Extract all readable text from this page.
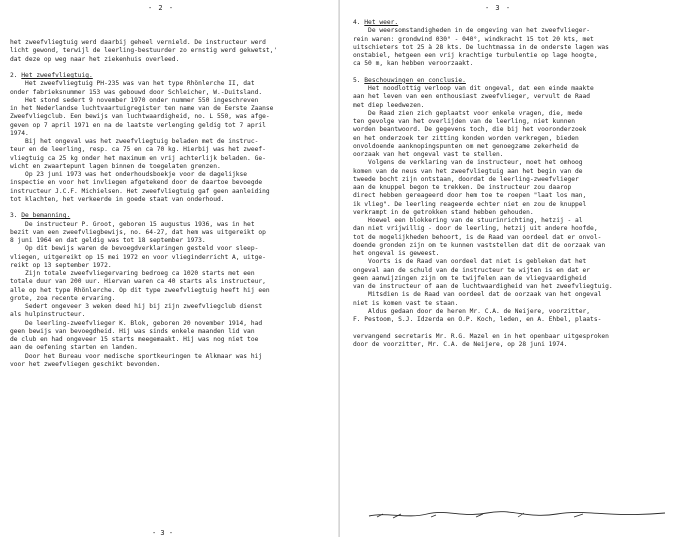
- 2 -
het zweefvliegtuig werd daarbij geheel vernield. De instructeur werd
licht gewond, terwijl de leerling-bestuurder zo ernstig werd gekwetst,'
dat deze op weg naar het ziekenhuis overleed.
2. Het zweefvliegtuig.
Het zweefvliegtuig PH-235 was van het type Rhönlerche II, dat
onder fabrieksnummer 153 was gebouwd door Schleicher, W.-Duitsland.
Het stond sedert 9 november 1970 onder nummer 550 ingeschreven
in het Nederlandse luchtvaartuigregister ten name van de Eerste Zaanse
Zweefvliegclub. Een bewijs van luchtwaardigheid, no. L 550, was afge-
geven op 7 april 1971 en na de laatste verlenging geldig tot 7 april
1974.
Bij het ongeval was het zweefvliegtuig beladen met de instruc-
teur en de leerling, resp. ca 75 en ca 70 kg. Hierbij was het zweef-
vliegtuig ca 25 kg onder het maximum en vrij achterlijk beladen. Ge-
wicht en zwaartepunt lagen binnen de toegelaten grenzen.
Op 23 juni 1973 was het onderhoudsboekje voor de dagelijkse
inspectie en voor het invliegen afgetekend door de daartoe bevoegde
instructeur J.C.F. Michielsen. Het zweefvliegtuig gaf geen aanleiding
tot klachten, het verkeerde in goede staat van onderhoud.
3. De bemanning.
De instructeur P. Groot, geboren 15 augustus 1936, was in het
bezit van een zweefvliegbewijs, no. 64-27, dat hem was uitgereikt op
8 juni 1964 en dat geldig was tot 18 september 1973.
Op dit bewijs waren de bevoegdverklaringen gesteld voor sleep-
vliegen, uitgereikt op 15 mei 1972 en voor vlieginderricht A, uitge-
reikt op 13 september 1972.
Zijn totale zweefvliegervaring bedroeg ca 1020 starts met een
totale duur van 200 uur. Hiervan waren ca 40 starts als instructeur,
alle op het type Rhönlerche. Op dit type zweefvliegtuig heeft hij een
grote, zoa recente ervaring.
Sedert ongeveer 3 weken deed hij bij zijn zweefvliegclub dienst
als hulpinstructeur.
De leerling-zweefvlieger K. Blok, geboren 20 november 1914, had
geen bewijs van bevoegdheid. Hij was sinds enkele maanden lid van
de club en had ongeveer 15 starts meegemaakt. Hij was nog niet toe
aan de oefening starten en landen.
Door het Bureau voor medische sportkeuringen te Alkmaar was hij
voor het zweefvliegen geschikt bevonden.
- 3 -
- 3 -
4. Het weer.
De weersomstandigheden in de omgeving van het zweefvlieger-
rein waren: grondwind 030° - 040°, windkracht 15 tot 20 kts, met
uitschieters tot 25 à 28 kts. De luchtmassa in de onderste lagen was
onstabiel, hetgeen een vrij krachtige turbulentie op lage hoogte,
ca 50 m, kan hebben veroorzaakt.
5. Beschouwingen en conclusie.
Het noodlottig verloop van dit ongeval, dat een einde maakte
aan het leven van een enthousiast zweefvlieger, vervult de Raad
met diep leedwezen.
De Raad zien zich geplaatst voor enkele vragen, die, mede
ten gevolge van het overlijden van de leerling, niet kunnen
worden beantwoord. De gegevens toch, die bij het vooronderzoek
en het onderzoek ter zitting konden worden verkregen, bieden
onvoldoende aanknopingspunten om met genoegzame zekerheid de
oorzaak van het ongeval vast te stellen.
Volgens de verklaring van de instructeur, moet het omhoog
komen van de neus van het zweefvliegtuig aan het begin van de
tweede bocht zijn ontstaan, doordat de leerling-zweefvlieger
aan de knuppel begon te trekken. De instructeur zou daarop
direct hebben gereageerd door hem toe te roepen "laat los man,
ik vlieg". De leerling reageerde echter niet en zou de knuppel
verkrampt in de getrokken stand hebben gehouden.
Hoewel een blokkering van de stuurinrichting, hetzij - al
dan niet vrijwillig - door de leerling, hetzij uit andere hoofde,
tot de mogelijkheden behoort, is de Raad van oordeel dat er onvol-
doende gronden zijn om te kunnen vaststellen dat dit de oorzaak van
het ongeval is geweest.
Voorts is de Raad van oordeel dat niet is gebleken dat het
ongeval aan de schuld van de instructeur te wijten is en dat er
geen aanwijzingen zijn om te twijfelen aan de vliegvaardigheid
van de instructeur of aan de luchtwaardigheid van het zweefvliegtuig.
Mitsdien is de Raad van oordeel dat de oorzaak van het ongeval
niet is komen vast te staan.
Aldus gedaan door de heren Mr. C.A. de Neijere, voorzitter,
F. Pestoom, S.J. Idzerda en O.P. Koch, leden, en A. Ehbel, plaats-
vervangend secretaris Mr. R.G. Mazel en in het openbaar uitgesproken
door de voorzitter, Mr. C.A. de Neijere, op 28 juni 1974.
